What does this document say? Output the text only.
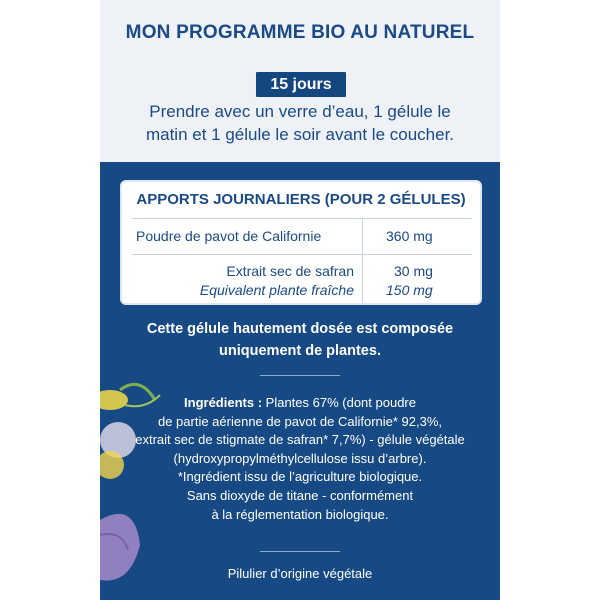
MON PROGRAMME BIO AU NATUREL
15 jours
Prendre avec un verre d’eau, 1 gélule le
matin et 1 gélule le soir avant le coucher.
APPORTS JOURNALIERS (POUR 2 GÉLULES)
Poudre de pavot de Californie	360 mg
Extrait sec de safran	30 mg
Equivalent plante fraîche 150 mg
Cette gélule hautement dosée est composée
uniquement de plantes.
Ingrédients : Plantes 67% (dont poudre
de partie aérienne de pavot de Californie* 92,3%,
extrait sec de stigmate de safran* 7,7%) - gélule végétale
(hydroxypropylméthylcellulose issu d’arbre).
*Ingrédient issu de l’agriculture biologique.
Sans dioxyde de titane - conformément
à la réglementation biologique.
Pilulier d’origine végétale
